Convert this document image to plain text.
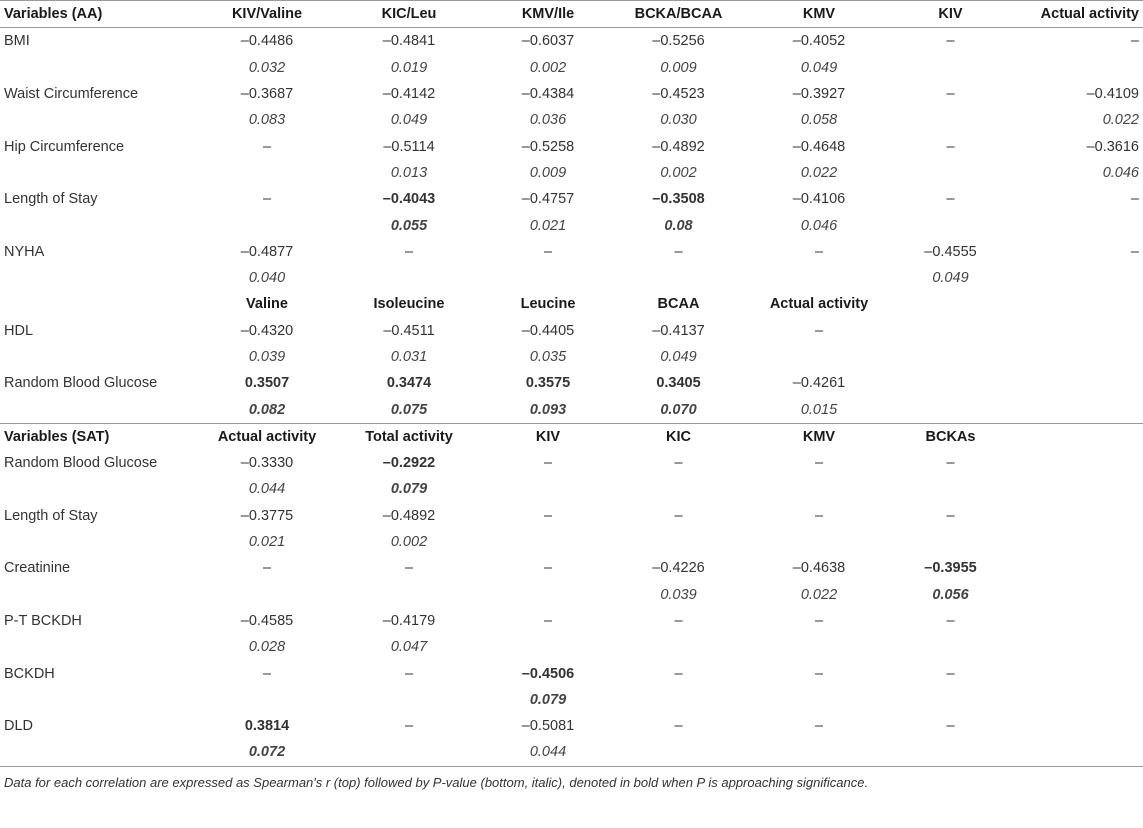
Variables (AA)	KIV/Valine	KIC/Leu	KMV/Ile	BCKA/BCAA	KMV	KIV	Actual activity
BMI	–0.4486	–0.4841	–0.6037	–0.5256	–0.4052	–	–
	0.032	0.019	0.002	0.009	0.049		
Waist Circumference	–0.3687	–0.4142	–0.4384	–0.4523	–0.3927	–	–0.4109
	0.083	0.049	0.036	0.030	0.058		0.022
Hip Circumference	–	–0.5114	–0.5258	–0.4892	–0.4648	–	–0.3616
		0.013	0.009	0.002	0.022		0.046
Length of Stay	–	–0.4043	–0.4757	–0.3508	–0.4106	–	–
		0.055	0.021	0.08	0.046		
NYHA	–0.4877	–	–	–	–	–0.4555	–
	0.040					0.049	
	Valine	Isoleucine	Leucine	BCAA	Actual activity		
HDL	–0.4320	–0.4511	–0.4405	–0.4137	–		
	0.039	0.031	0.035	0.049			
Random Blood Glucose	0.3507	0.3474	0.3575	0.3405	–0.4261		
	0.082	0.075	0.093	0.070	0.015		
Variables (SAT)	Actual activity	Total activity	KIV	KIC	KMV	BCKAs	
Random Blood Glucose	–0.3330	–0.2922	–	–	–	–	
	0.044	0.079					
Length of Stay	–0.3775	–0.4892	–	–	–	–	
	0.021	0.002					
Creatinine	–	–	–	–0.4226	–0.4638	–0.3955	
				0.039	0.022	0.056	
P-T BCKDH	–0.4585	–0.4179	–	–	–	–	
	0.028	0.047					
BCKDH	–	–	–0.4506	–	–	–	
			0.079				
DLD	0.3814	–	–0.5081	–	–	–	
	0.072		0.044				
Data for each correlation are expressed as Spearman's r (top) followed by P-value (bottom, italic), denoted in bold when P is approaching significance.
